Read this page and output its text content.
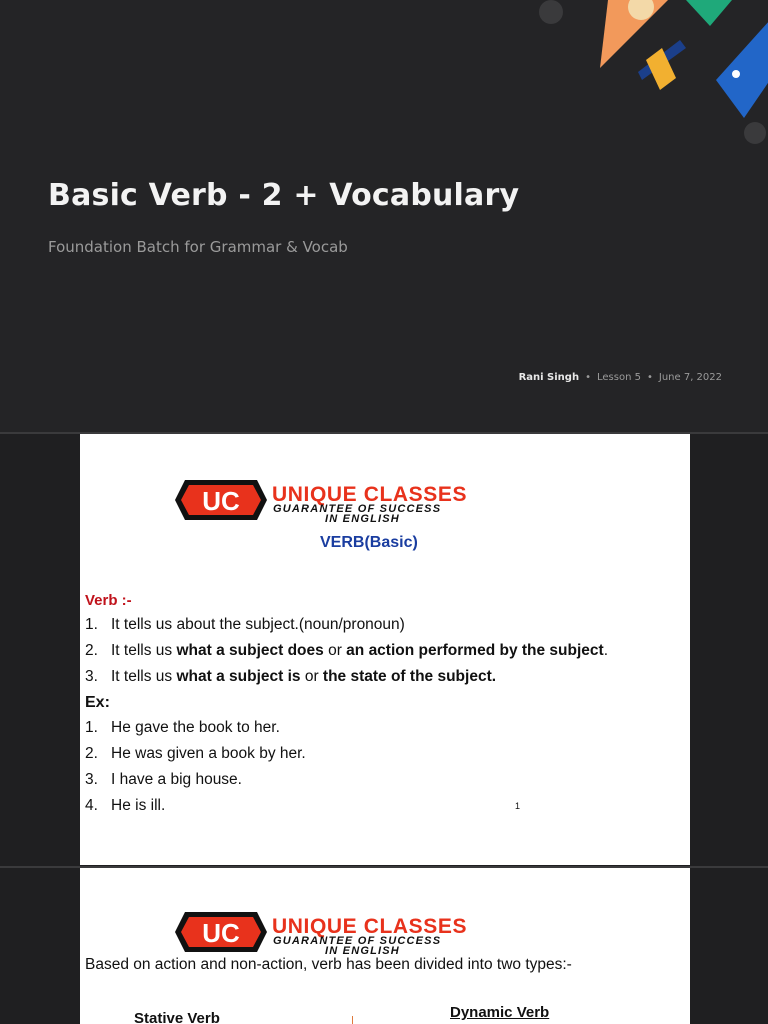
Basic Verb - 2 + Vocabulary
Foundation Batch for Grammar & Vocab
Rani Singh • Lesson 5 • June 7, 2022
UC UNIQUE CLASSES
GUARANTEE OF SUCCESS
IN ENGLISH
VERB(Basic)
Verb :-
1. It tells us about the subject.(noun/pronoun)
2. It tells us what a subject does or an action performed by the subject.
3. It tells us what a subject is or the state of the subject.
Ex:
1. He gave the book to her.
2. He was given a book by her.
3. I have a big house.
4. He is ill.	1
UC UNIQUE CLASSES
GUARANTEE OF SUCCESS
IN ENGLISH
Based on action and non-action, verb has been divided into two types:-
Stative Verb	Dynamic Verb
